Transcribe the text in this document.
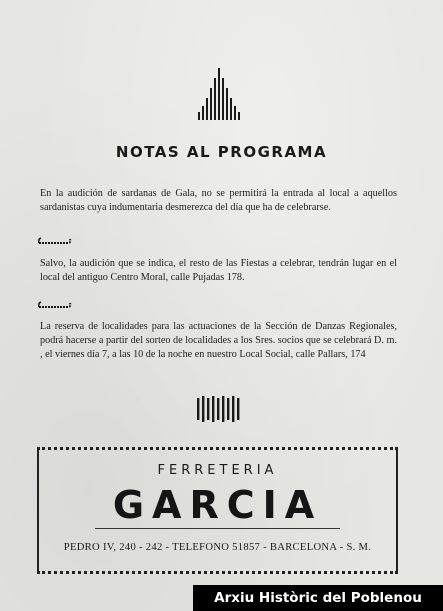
NOTAS AL PROGRAMA
En la audición de sardanas de Gala, no se permitirá la entrada al local a aquellos sardanistas cuya indumentaria desmerezca del día que ha de celebrarse.
Salvo, la audición que se indica, el resto de las Fiestas a celebrar, tendrán lugar en el local del antiguo Centro Moral, calle Pujadas 178.
La reserva de localidades para las actuaciones de la Sección de Danzas Regionales, podrá hacerse a partir del sorteo de localidades a los Sres. socios que se celebrará D. m. , el viernes día 7, a las 10 de la noche en nuestro Local Social, calle Pallars, 174
FERRETERIA
GARCIA
PEDRO IV, 240 - 242 - TELEFONO 51857 - BARCELONA - S. M.
Arxiu Històric del Poblenou
